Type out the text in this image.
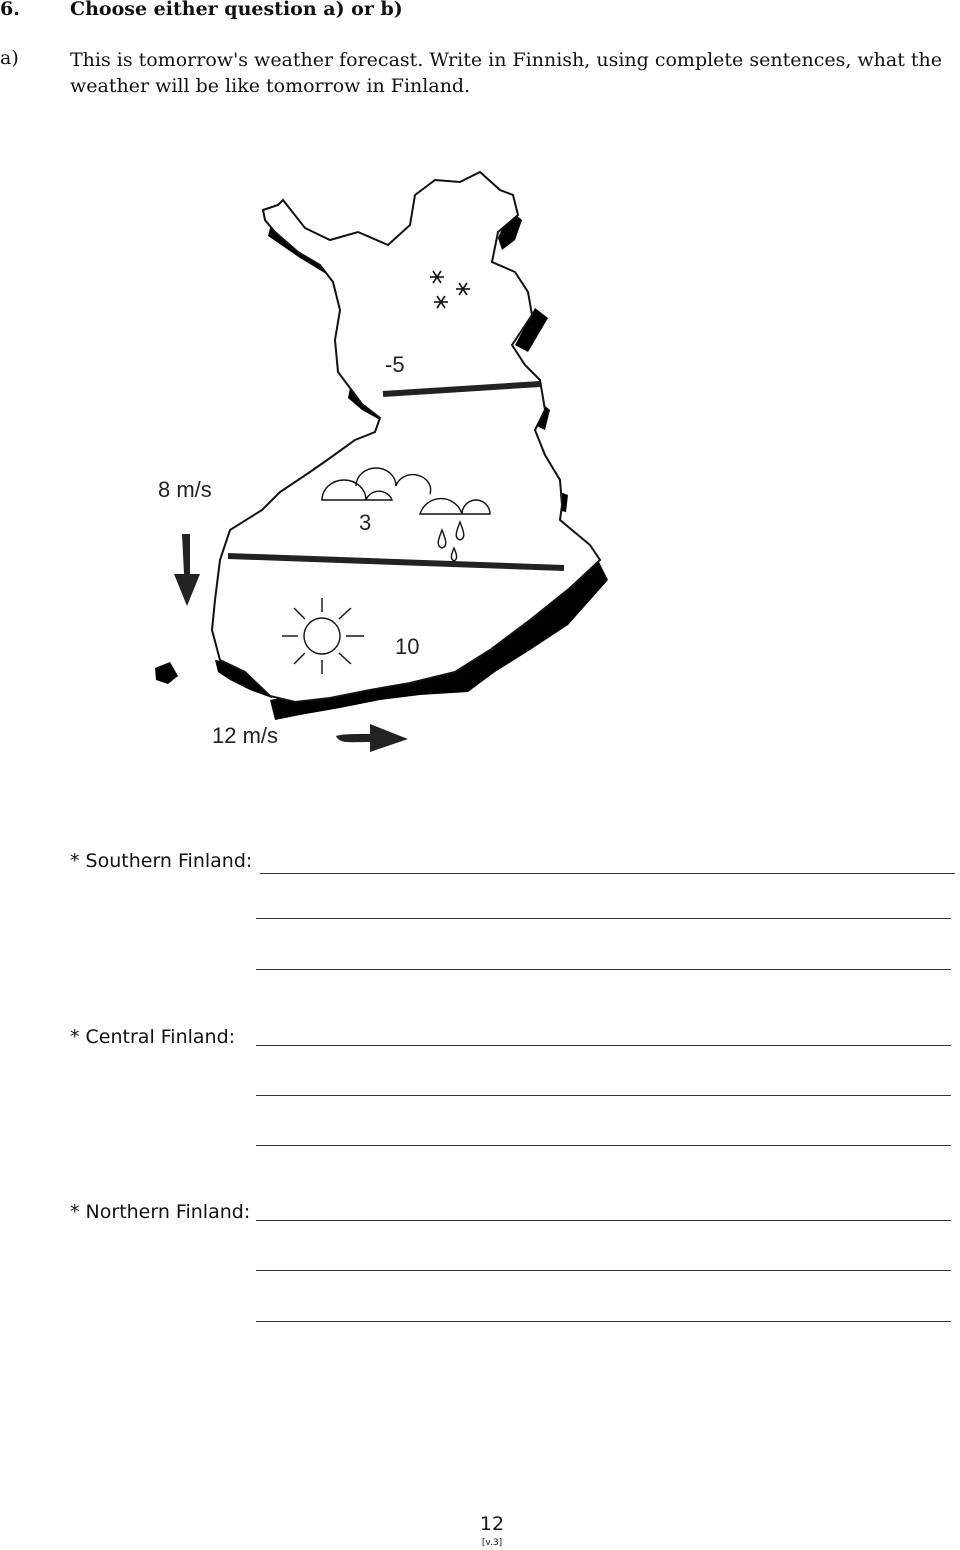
6.	Choose either question a) or b)
a)	This is tomorrow's weather forecast. Write in Finnish, using complete sentences, what the weather will be like tomorrow in Finland.
-5
3
10
8 m/s
12 m/s
* Southern Finland:
* Central Finland:
* Northern Finland:
12
[v.3]
